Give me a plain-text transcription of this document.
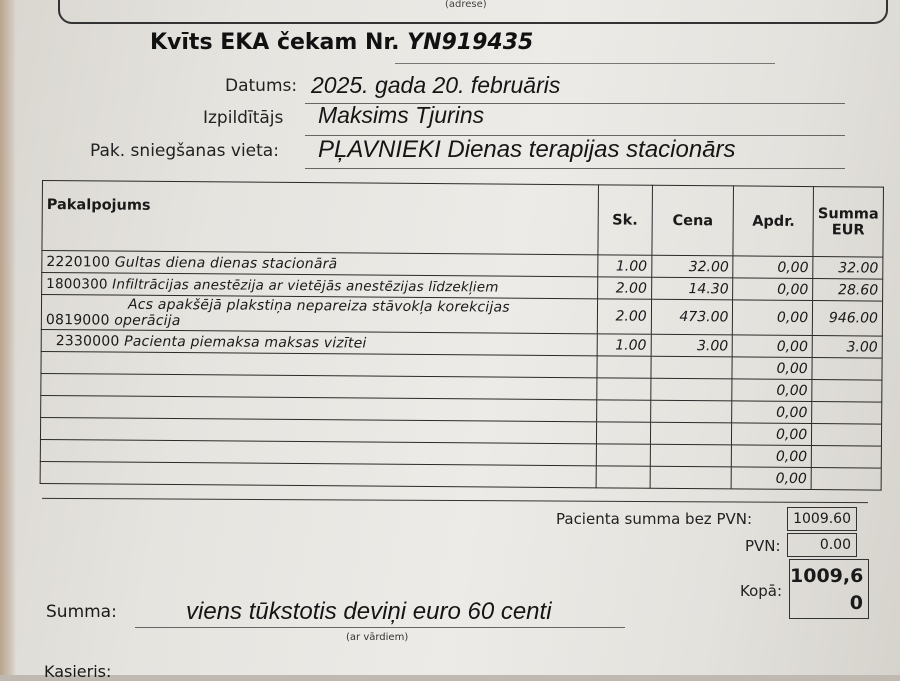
(adrese)
Kvīts EKA čekam Nr. YN919435
Datums: 2025. gada 20. februāris
Izpildītājs Maksims Tjurins
Pak. sniegšanas vieta: PĻAVNIEKI Dienas terapijas stacionārs
Pakalpojums	Sk.	Cena	Apdr.	Summa EUR
2220100 Gultas diena dienas stacionārā	1.00	32.00	0,00	32.00
1800300 Infiltrācijas anestēzija ar vietējās anestēzijas līdzekļiem	2.00	14.30	0,00	28.60

Acs apakšējā plakstiņa nepareiza stāvokļa korekcijas
0819000 operācija	2.00	473.00	0,00	946.00
2330000 Pacienta piemaksa maksas vizītei	1.00	3.00	0,00	3.00
			0,00	
			0,00	
			0,00	
			0,00	
			0,00	
			0,00	
Pacienta summa bez PVN:	1009.60
PVN:	0.00
Kopā:
1009,6
0
Summa:	viens tūkstotis deviņi euro 60 centi
(ar vārdiem)
Kasieris:
